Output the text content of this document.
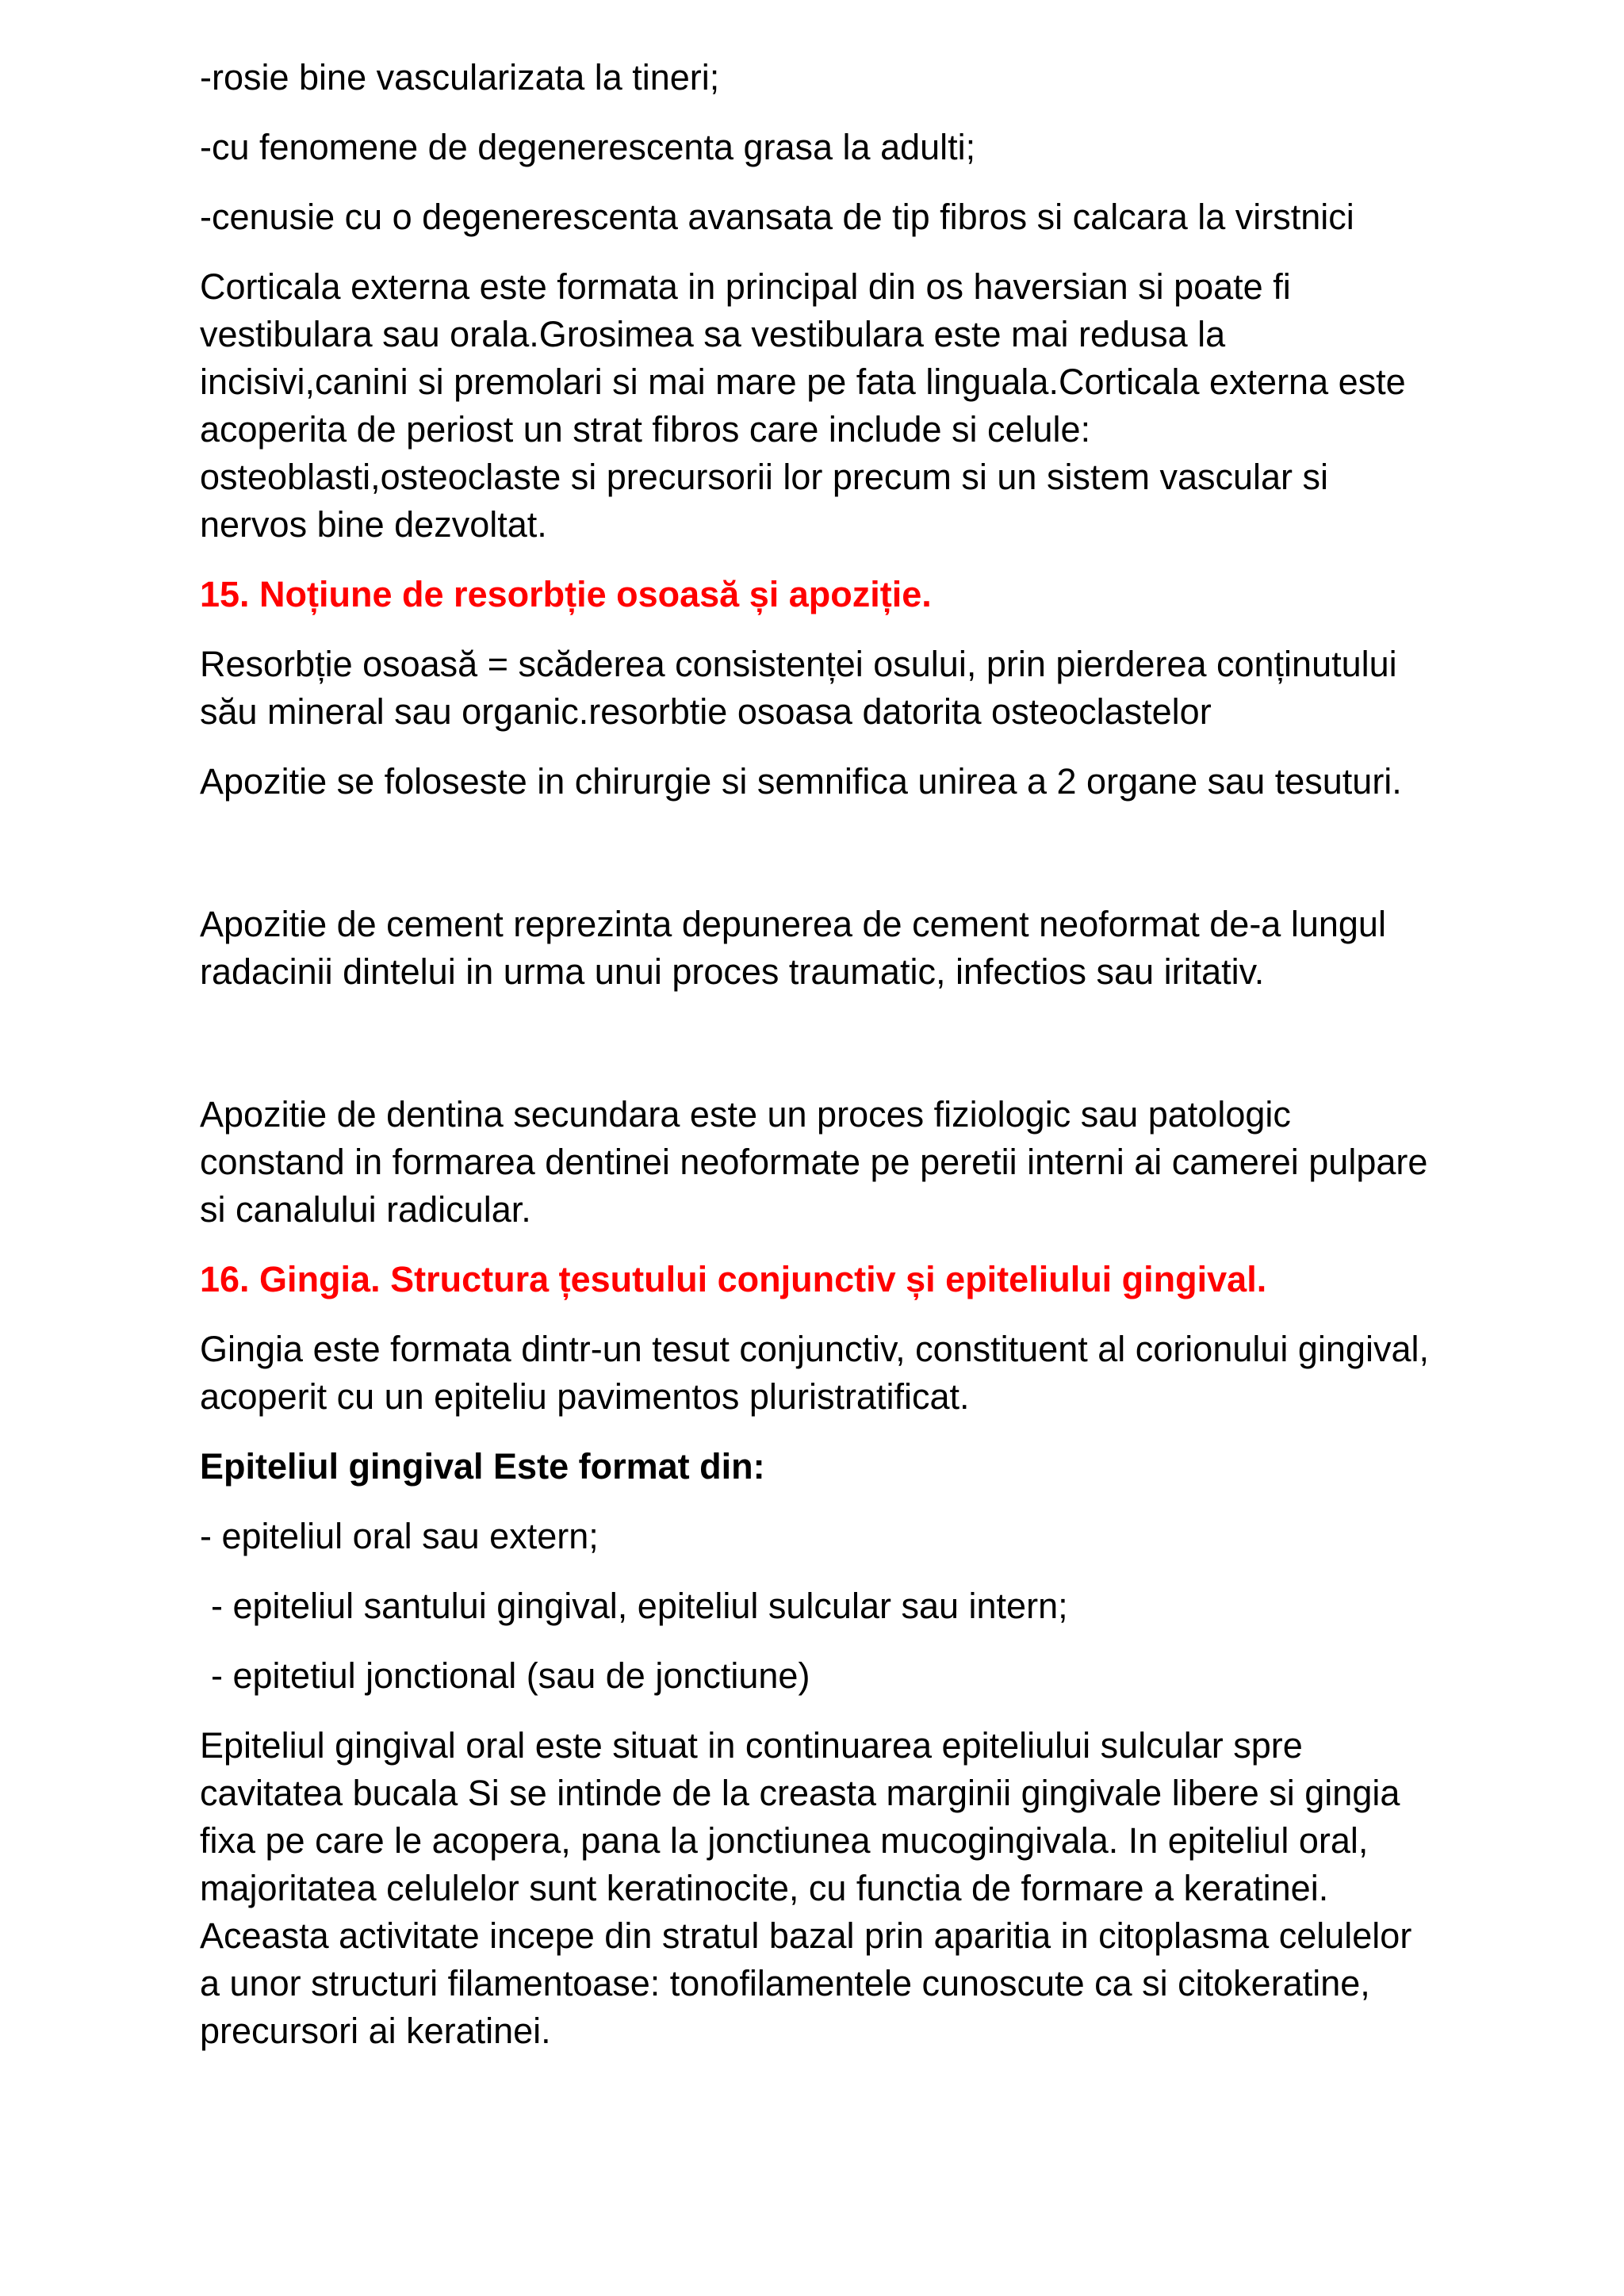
-rosie bine vascularizata la tineri;

-cu fenomene de degenerescenta grasa la adulti;

-cenusie cu o degenerescenta avansata de tip fibros si calcara la virstnici

Corticala externa este formata in principal din os haversian si poate fi vestibulara sau orala.Grosimea sa vestibulara este mai redusa la incisivi,canini si premolari si mai mare pe fata linguala.Corticala externa este acoperita de periost un strat fibros care include si celule: osteoblasti,osteoclaste si precursorii lor precum si un sistem vascular si nervos bine dezvoltat.

15. Noțiune de resorbție osoasă și apoziție.

Resorbție osoasă = scăderea consistenței osului, prin pierderea conținutului său mineral sau organic.resorbtie osoasa datorita osteoclastelor

Apozitie se foloseste in chirurgie si semnifica unirea a 2 organe sau tesuturi.

Apozitie de cement reprezinta depunerea de cement neoformat de-a lungul radacinii dintelui in urma unui proces traumatic, infectios sau iritativ.

Apozitie de dentina secundara este un proces fiziologic sau patologic constand in formarea dentinei neoformate pe peretii interni ai camerei pulpare si canalului radicular.

16. Gingia. Structura țesutului conjunctiv și epiteliului gingival.

Gingia este formata dintr-un tesut conjunctiv, constituent al corionului gingival, acoperit cu un epiteliu pavimentos pluristratificat.

Epiteliul gingival Este format din:

- epiteliul oral sau extern;

- epiteliul santului gingival, epiteliul sulcular sau intern;

- epitetiul jonctional (sau de jonctiune)

Epiteliul gingival oral este situat in continuarea epiteliului sulcular spre cavitatea bucala Si se intinde de la creasta marginii gingivale libere si gingia fixa pe care le acopera, pana la jonctiunea mucogingivala. In epiteliul oral, majoritatea celulelor sunt keratinocite, cu functia de formare a keratinei. Aceasta activitate incepe din stratul bazal prin aparitia in citoplasma celulelor a unor structuri filamentoase: tonofilamentele cunoscute ca si citokeratine, precursori ai keratinei.
